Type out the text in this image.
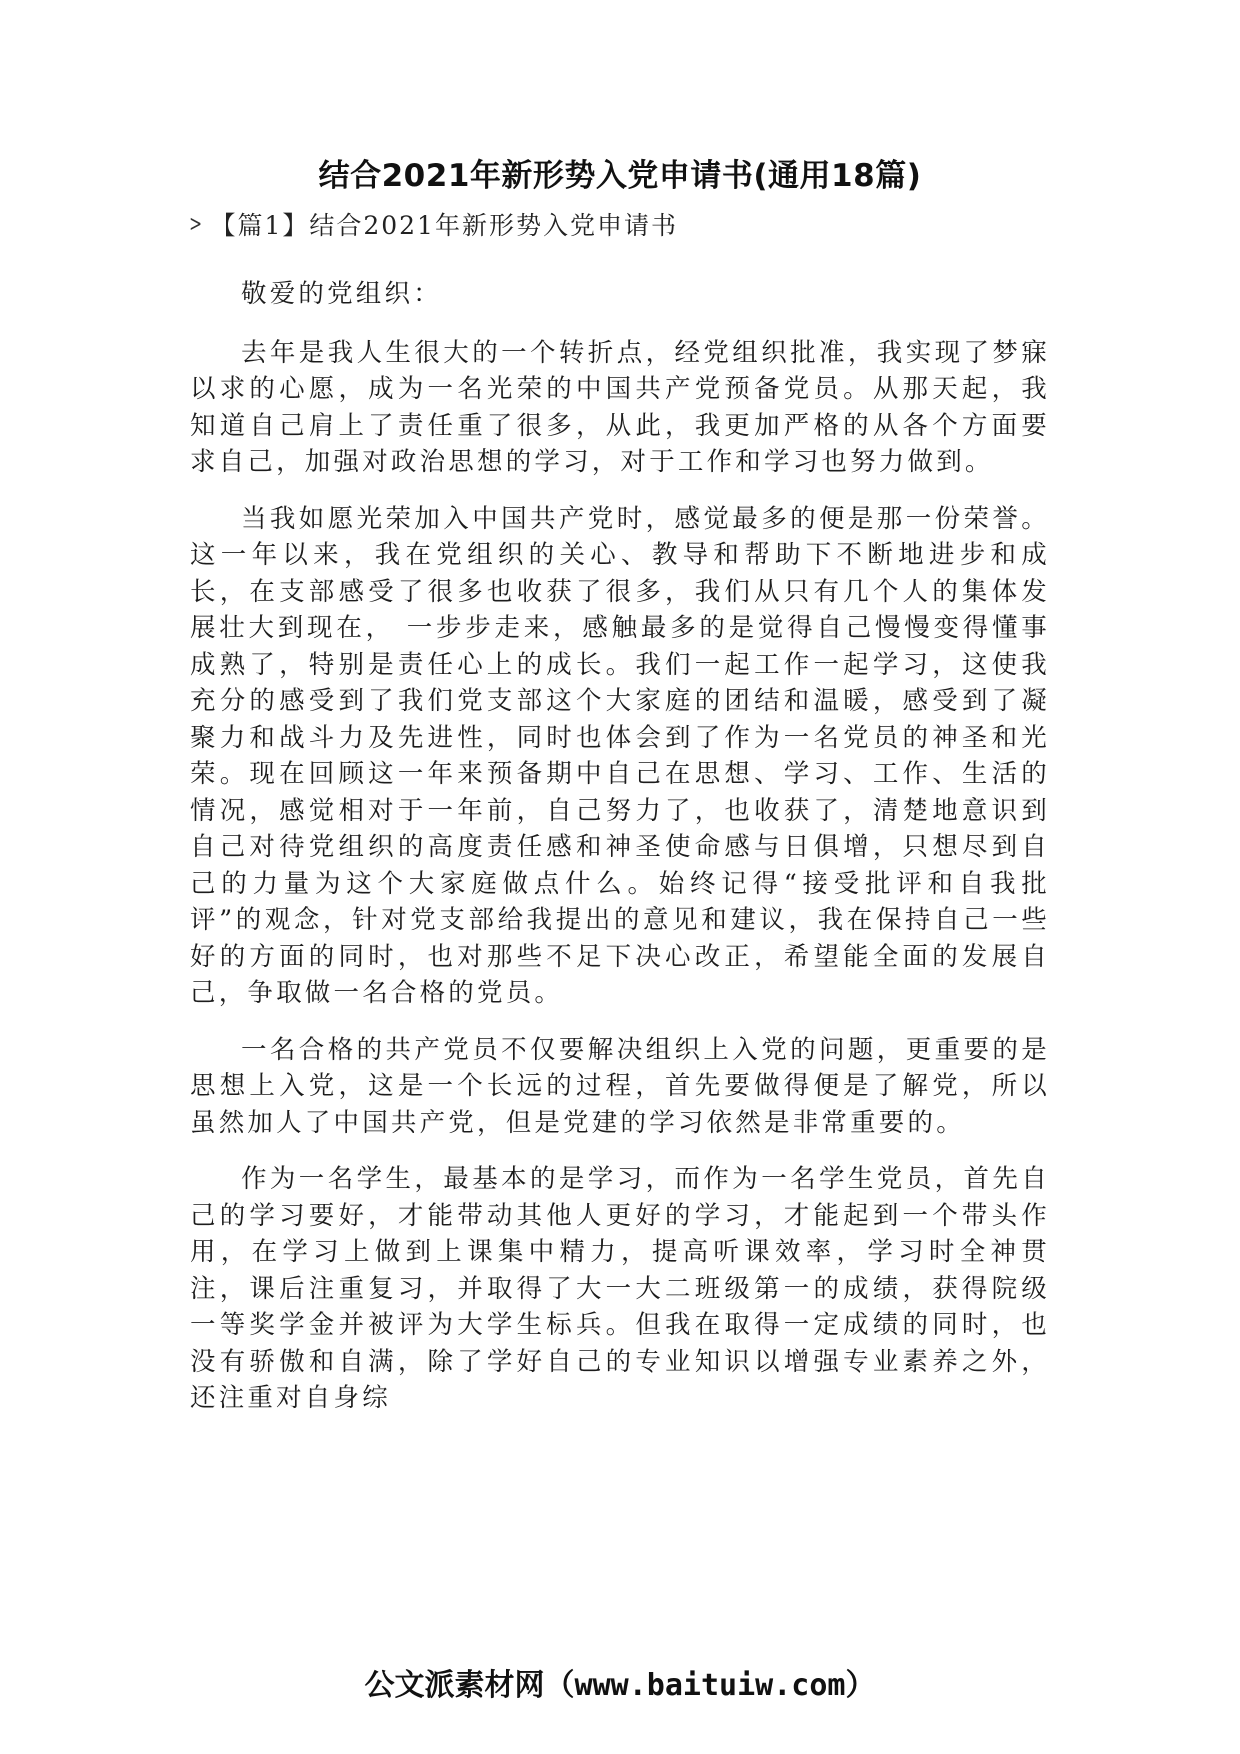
结合2021年新形势入党申请书(通用18篇)
> 【篇1】结合2021年新形势入党申请书

敬爱的党组织：

去年是我人生很大的一个转折点，经党组织批准，我实现了梦寐以求的心愿，成为一名光荣的中国共产党预备党员。从那天起，我知道自己肩上了责任重了很多，从此，我更加严格的从各个方面要求自己，加强对政治思想的学习，对于工作和学习也努力做到。

当我如愿光荣加入中国共产党时，感觉最多的便是那一份荣誉。这一年以来，我在党组织的关心、教导和帮助下不断地进步和成长，在支部感受了很多也收获了很多，我们从只有几个人的集体发展壮大到现在， 一步步走来，感触最多的是觉得自己慢慢变得懂事成熟了，特别是责任心上的成长。我们一起工作一起学习，这使我充分的感受到了我们党支部这个大家庭的团结和温暖，感受到了凝聚力和战斗力及先进性，同时也体会到了作为一名党员的神圣和光荣。现在回顾这一年来预备期中自己在思想、学习、工作、生活的情况，感觉相对于一年前，自己努力了，也收获了，清楚地意识到自己对待党组织的高度责任感和神圣使命感与日俱增，只想尽到自己的力量为这个大家庭做点什么。始终记得“接受批评和自我批评”的观念，针对党支部给我提出的意见和建议，我在保持自己一些好的方面的同时，也对那些不足下决心改正，希望能全面的发展自己，争取做一名合格的党员。

一名合格的共产党员不仅要解决组织上入党的问题，更重要的是思想上入党，这是一个长远的过程，首先要做得便是了解党，所以虽然加人了中国共产党，但是党建的学习依然是非常重要的。

作为一名学生，最基本的是学习，而作为一名学生党员，首先自己的学习要好，才能带动其他人更好的学习，才能起到一个带头作用，在学习上做到上课集中精力，提高听课效率，学习时全神贯注，课后注重复习，并取得了大一大二班级第一的成绩，获得院级一等奖学金并被评为大学生标兵。但我在取得一定成绩的同时，也没有骄傲和自满，除了学好自己的专业知识以增强专业素养之外，还注重对自身综

公文派素材网（www.baituiw.com）
